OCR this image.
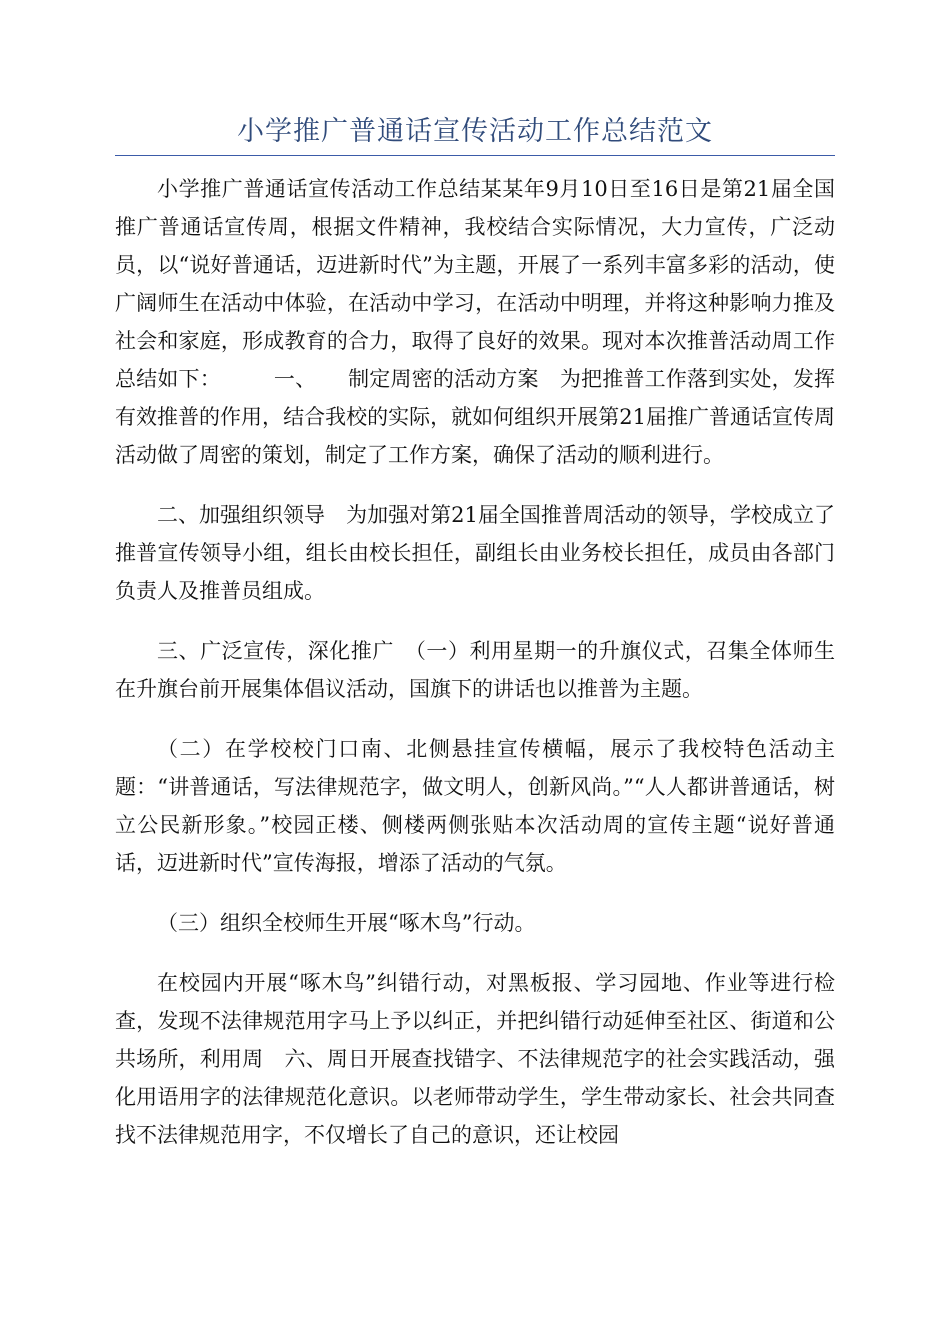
小学推广普通话宣传活动工作总结范文

小学推广普通话宣传活动工作总结某某年9月10日至16日是第21届全国推广普通话宣传周，根据文件精神，我校结合实际情况，大力宣传，广泛动员，以“说好普通话，迈进新时代”为主题，开展了一系列丰富多彩的活动，使广阔师生在活动中体验，在活动中学习，在活动中明理，并将这种影响力推及社会和家庭，形成教育的合力，取得了良好的效果。现对本次推普活动周工作总结如下：　　　一、　　制定周密的活动方案　为把推普工作落到实处，发挥有效推普的作用，结合我校的实际，就如何组织开展第21届推广普通话宣传周活动做了周密的策划，制定了工作方案，确保了活动的顺利进行。

二、加强组织领导　为加强对第21届全国推普周活动的领导，学校成立了推普宣传领导小组，组长由校长担任，副组长由业务校长担任，成员由各部门负责人及推普员组成。

三、广泛宣传，深化推广　（一）利用星期一的升旗仪式，召集全体师生在升旗台前开展集体倡议活动，国旗下的讲话也以推普为主题。

（二）在学校校门口南、北侧悬挂宣传横幅，展示了我校特色活动主题：“讲普通话，写法律规范字，做文明人，创新风尚。”“人人都讲普通话，树立公民新形象。”校园正楼、侧楼两侧张贴本次活动周的宣传主题“说好普通话，迈进新时代”宣传海报，增添了活动的气氛。

（三）组织全校师生开展“啄木鸟”行动。

在校园内开展“啄木鸟”纠错行动，对黑板报、学习园地、作业等进行检查，发现不法律规范用字马上予以纠正，并把纠错行动延伸至社区、街道和公共场所，利用周　六、周日开展查找错字、不法律规范字的社会实践活动，强化用语用字的法律规范化意识。以老师带动学生，学生带动家长、社会共同查找不法律规范用字，不仅增长了自己的意识，还让校园
